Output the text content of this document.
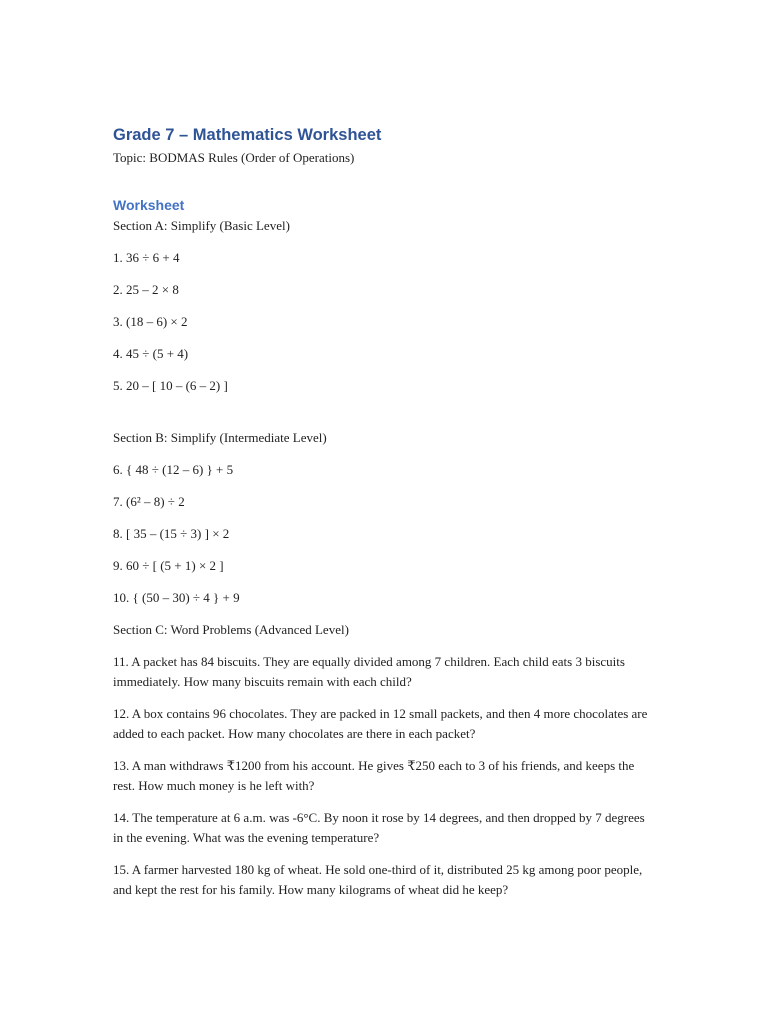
Grade 7 – Mathematics Worksheet

Topic: BODMAS Rules (Order of Operations)

Worksheet

Section A: Simplify (Basic Level)

1. 36 ÷ 6 + 4
2. 25 – 2 × 8
3. (18 – 6) × 2
4. 45 ÷ (5 + 4)
5. 20 – [ 10 – (6 – 2) ]

Section B: Simplify (Intermediate Level)

6. { 48 ÷ (12 – 6) } + 5
7. (6² – 8) ÷ 2
8. [ 35 – (15 ÷ 3) ] × 2
9. 60 ÷ [ (5 + 1) × 2 ]
10. { (50 – 30) ÷ 4 } + 9

Section C: Word Problems (Advanced Level)

11. A packet has 84 biscuits. They are equally divided among 7 children. Each child eats 3 biscuits immediately. How many biscuits remain with each child?
12. A box contains 96 chocolates. They are packed in 12 small packets, and then 4 more chocolates are added to each packet. How many chocolates are there in each packet?
13. A man withdraws ₹1200 from his account. He gives ₹250 each to 3 of his friends, and keeps the rest. How much money is he left with?
14. The temperature at 6 a.m. was -6°C. By noon it rose by 14 degrees, and then dropped by 7 degrees in the evening. What was the evening temperature?
15. A farmer harvested 180 kg of wheat. He sold one-third of it, distributed 25 kg among poor people, and kept the rest for his family. How many kilograms of wheat did he keep?
